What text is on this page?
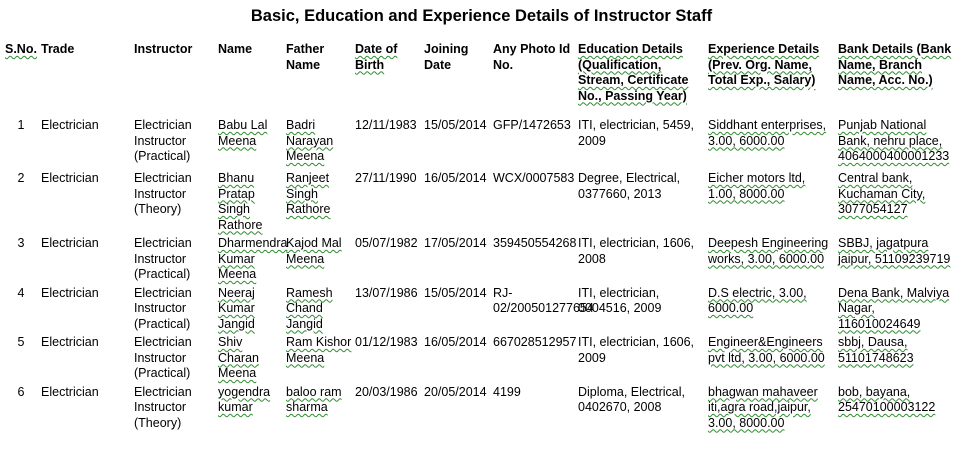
Basic, Education and Experience Details of Instructor Staff
S.No.	Trade	Instructor	Name	Father Name	Date of Birth	Joining Date	Any Photo Id No.	Education Details (Qualification, Stream, Certificate No., Passing Year)	Experience Details (Prev. Org. Name, Total Exp., Salary)	Bank Details (Bank Name, Branch Name, Acc. No.)
1	Electrician	Electrician Instructor (Practical)	Babu Lal Meena	Badri Narayan Meena	12/11/1983	15/05/2014	GFP/1472653	ITI, electrician, 5459, 2009	Siddhant enterprises, 3.00, 6000.00	Punjab National Bank, nehru place, 4064000400001233
2	Electrician	Electrician Instructor (Theory)	Bhanu Pratap Singh Rathore	Ranjeet Singh Rathore	27/11/1990	16/05/2014	WCX/0007583	Degree, Electrical, 0377660, 2013	Eicher motors ltd, 1.00, 8000.00	Central bank, Kuchaman City, 3077054127
3	Electrician	Electrician Instructor (Practical)	Dharmendra Kumar Meena	Kajod Mal Meena	05/07/1982	17/05/2014	359450554268	ITI, electrician, 1606, 2008	Deepesh Engineering works, 3.00, 6000.00	SBBJ, jagatpura jaipur, 51109239719
4	Electrician	Electrician Instructor (Practical)	Neeraj Kumar Jangid	Ramesh Chand Jangid	13/07/1986	15/05/2014	RJ-02/200501277654	ITI, electrician, 0004516, 2009	D.S electric, 3.00, 6000.00	Dena Bank, Malviya Nagar, 116010024649
5	Electrician	Electrician Instructor (Practical)	Shiv Charan Meena	Ram Kishor Meena	01/12/1983	16/05/2014	667028512957	ITI, electrician, 1606, 2009	Engineer&Engineers pvt ltd, 3.00, 6000.00	sbbj, Dausa, 51101748623
6	Electrician	Electrician Instructor (Theory)	yogendra kumar	baloo ram sharma	20/03/1986	20/05/2014	4199	Diploma, Electrical, 0402670, 2008	bhagwan mahaveer iti,agra road,jaipur, 3.00, 8000.00	bob, bayana, 25470100003122
